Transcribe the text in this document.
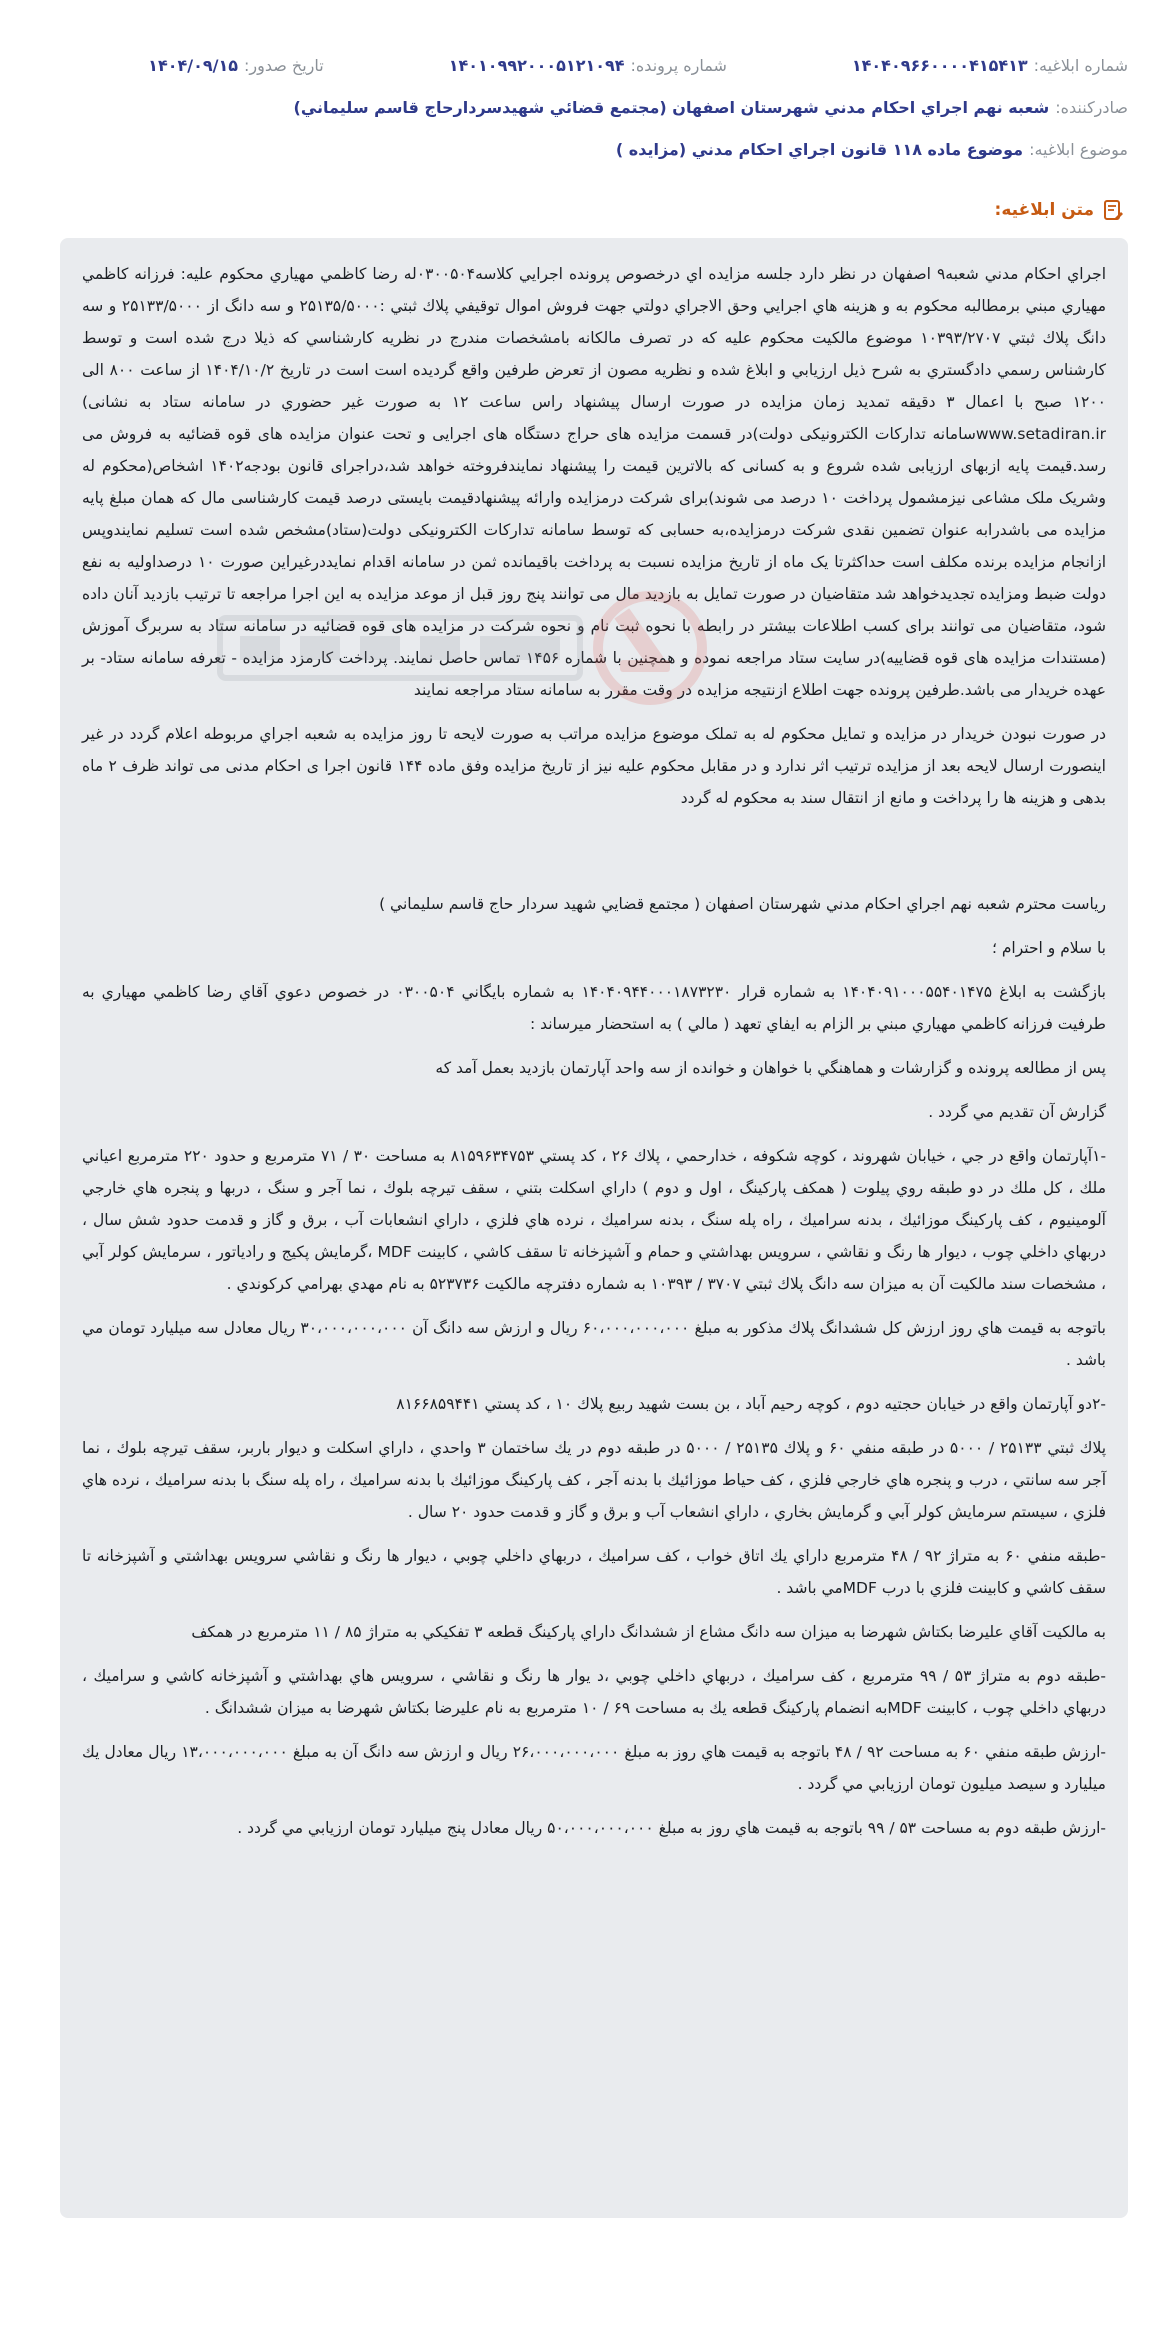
شماره ابلاغیه:
۱۴۰۴۰۹۶۶۰۰۰۰۴۱۵۴۱۳
شماره پرونده:
۱۴۰۱۰۹۹۲۰۰۰۵۱۲۱۰۹۴
تاریخ صدور:
۱۴۰۴/۰۹/۱۵
صادرکننده:
شعبه نهم اجراي احکام مدني شهرستان اصفهان (مجتمع قضائي شهیدسردارحاج قاسم سلیماني)
موضوع ابلاغیه:
موضوع ماده ۱۱۸ قانون اجراي احكام مدني (مزايده )
متن ابلاغیه:

اجراي احكام مدني شعبه۹ اصفهان در نظر دارد جلسه مزايده اي درخصوص پرونده اجرايي كلاسه۰۳۰۰۵۰۴له رضا كاظمي مهياري محكوم عليه: فرزانه كاظمي مهياري مبني برمطالبه محكوم به و هزينه هاي اجرايي وحق الاجراي دولتي جهت فروش اموال توقيفي پلاك ثبتي :۲۵۱۳۵/۵۰۰۰ و سه دانگ از ۲۵۱۳۳/۵۰۰۰ و سه دانگ پلاك ثبتي ۱۰۳۹۳/۲۷۰۷ موضوع مالكيت محكوم عليه كه در تصرف مالكانه بامشخصات مندرج در نظريه كارشناسي كه ذيلا درج شده است و توسط كارشناس رسمي دادگستري به شرح ذيل ارزيابي و ابلاغ شده و نظريه مصون از تعرض طرفين واقع گرديده است است در تاريخ ۱۴۰۴/۱۰/۲ از ساعت ۸۰۰ الی ۱۲۰۰ صبح با اعمال ۳ دقيقه تمديد زمان مزايده در صورت ارسال پيشنهاد راس ساعت ۱۲ به صورت غير حضوري در سامانه ستاد به نشانی) www.setadiran.irسامانه تداركات الكترونيكی دولت)در قسمت مزايده های حراج دستگاه های اجرايی و تحت عنوان مزايده های قوه قضائيه به فروش می رسد.قيمت پايه ازبهای ارزيابی شده شروع و به كسانی كه بالاترين قيمت را پيشنهاد نمايندفروخته خواهد شد،دراجرای قانون بودجه۱۴۰۲ اشخاص(محكوم له وشريک ملک مشاعی نيزمشمول پرداخت ۱۰ درصد می شوند)برای شركت درمزايده وارائه پيشنهادقيمت بايستی درصد قيمت كارشناسی مال كه همان مبلغ پايه مزايده می باشدرابه عنوان تضمين نقدی شركت درمزايده،به حسابی كه توسط سامانه تداركات الكترونيكی دولت(ستاد)مشخص شده است تسليم نمايندوپس ازانجام مزايده برنده مكلف است حداكثرتا يک ماه از تاريخ مزايده نسبت به پرداخت باقيمانده ثمن در سامانه اقدام نمايددرغيراين صورت ۱۰ درصداوليه به نفع دولت ضبط ومزايده تجديدخواهد شد متقاضيان در صورت تمايل به بازديد مال می توانند پنج روز قبل از موعد مزايده به اين اجرا مراجعه تا ترتيب بازديد آنان داده شود، متقاضيان می توانند برای كسب اطلاعات بيشتر در رابطه با نحوه ثبت نام و نحوه شركت در مزايده های قوه قضائيه در سامانه ستاد به سربرگ آموزش (مستندات مزايده های قوه قضاييه)در سايت ستاد مراجعه نموده و همچنين با شماره ۱۴۵۶ تماس حاصل نمايند. پرداخت كارمزد مزايده - تعرفه سامانه ستاد- بر عهده خريدار می باشد.طرفين پرونده جهت اطلاع ازنتيجه مزايده در وقت مقرر به سامانه ستاد مراجعه نمايند

در صورت نبودن خريدار در مزايده و تمايل محكوم له به تملک موضوع مزايده مراتب به صورت لايحه تا روز مزايده به شعبه اجراي مربوطه اعلام گردد در غير اينصورت ارسال لايحه بعد از مزايده ترتيب اثر ندارد و در مقابل محكوم عليه نيز از تاريخ مزايده وفق ماده ۱۴۴ قانون اجرا ی احكام مدنی می تواند ظرف ۲ ماه بدهی و هزينه ها را پرداخت و مانع از انتقال سند به محكوم له گردد

رياست محترم شعبه نهم اجراي احكام مدني شهرستان اصفهان ( مجتمع قضايي شهيد سردار حاج قاسم سليماني )

با سلام و احترام ؛

بازگشت به ابلاغ ۱۴۰۴۰۹۱۰۰۰۵۵۴۰۱۴۷۵ به شماره قرار ۱۴۰۴۰۹۴۴۰۰۰۱۸۷۳۲۳۰ به شماره بايگاني ۰۳۰۰۵۰۴ در خصوص دعوي آقاي رضا كاظمي مهياري به طرفيت فرزانه كاظمي مهياري مبني بر الزام به ايفاي تعهد ( مالي ) به استحضار ميرساند :

پس از مطالعه پرونده و گزارشات و هماهنگي با خواهان و خوانده از سه واحد آپارتمان بازديد بعمل آمد كه

گزارش آن تقديم مي گردد .

-۱آپارتمان واقع در جي ، خيابان شهروند ، كوچه شكوفه ، خدارحمي ، پلاك ۲۶ ، كد پستي ۸۱۵۹۶۳۴۷۵۳ به مساحت ۳۰ / ۷۱ مترمربع و حدود ۲۲۰ مترمربع اعياني ملك ، كل ملك در دو طبقه روي پيلوت ( همكف پاركينگ ، اول و دوم ) داراي اسكلت بتني ، سقف تيرچه بلوك ، نما آجر و سنگ ، دربها و پنجره هاي خارجي آلومينيوم ، كف پاركينگ موزائيك ، بدنه سراميك ، راه پله سنگ ، بدنه سراميك ، نرده هاي فلزي ، داراي انشعابات آب ، برق و گاز و قدمت حدود شش سال ، دربهاي داخلي چوب ، ديوار ها رنگ و نقاشي ، سرويس بهداشتي و حمام و آشپزخانه تا سقف كاشي ، كابينت MDF ،گرمايش پكيج و رادياتور ، سرمايش كولر آبي ، مشخصات سند مالكيت آن به ميزان سه دانگ پلاك ثبتي ۳۷۰۷ / ۱۰۳۹۳ به شماره دفترچه مالكيت ۵۲۳۷۳۶ به نام مهدي بهرامي كركوندي .

باتوجه به قيمت هاي روز ارزش كل ششدانگ پلاك مذكور به مبلغ ۶۰،۰۰۰،۰۰۰،۰۰۰ ريال و ارزش سه دانگ آن ۳۰،۰۰۰،۰۰۰،۰۰۰ ريال معادل سه ميليارد تومان مي باشد .

-۲دو آپارتمان واقع در خيابان حجتيه دوم ، كوچه رحيم آباد ، بن بست شهيد ربيع پلاك ۱۰ ، كد پستي ۸۱۶۶۸۵۹۴۴۱

پلاك ثبتي ۲۵۱۳۳ / ۵۰۰۰ در طبقه منفي ۶۰ و پلاك ۲۵۱۳۵ / ۵۰۰۰ در طبقه دوم در يك ساختمان ۳ واحدي ، داراي اسكلت و ديوار باربر، سقف تيرچه بلوك ، نما آجر سه سانتي ، درب و پنجره هاي خارجي فلزي ، كف حياط موزائيك با بدنه آجر ، كف پاركينگ موزائيك با بدنه سراميك ، راه پله سنگ با بدنه سراميك ، نرده هاي فلزي ، سيستم سرمايش كولر آبي و گرمايش بخاري ، داراي انشعاب آب و برق و گاز و قدمت حدود ۲۰ سال .

-طبقه منفي ۶۰ به متراژ ۹۲ / ۴۸ مترمربع داراي يك اتاق خواب ، كف سراميك ، دربهاي داخلي چوبي ، ديوار ها رنگ و نقاشي سرويس بهداشتي و آشپزخانه تا سقف كاشي و كابينت فلزي با درب MDFمي باشد .

به مالكيت آقاي عليرضا بكتاش شهرضا به ميزان سه دانگ مشاع از ششدانگ داراي پاركينگ قطعه ۳ تفكيكي به متراژ ۸۵ / ۱۱ مترمربع در همكف

-طبقه دوم به متراژ ۵۳ / ۹۹ مترمربع ، كف سراميك ، دربهاي داخلي چوبي ،د يوار ها رنگ و نقاشي ، سرويس هاي بهداشتي و آشپزخانه كاشي و سراميك ، دربهاي داخلي چوب ، كابينت MDFبه انضمام پاركينگ قطعه يك به مساحت ۶۹ / ۱۰ مترمربع به نام عليرضا بكتاش شهرضا به ميزان ششدانگ .

-ارزش طبقه منفي ۶۰ به مساحت ۹۲ / ۴۸ باتوجه به قيمت هاي روز به مبلغ ۲۶،۰۰۰،۰۰۰،۰۰۰ ريال و ارزش سه دانگ آن به مبلغ ۱۳،۰۰۰،۰۰۰،۰۰۰ ريال معادل يك ميليارد و سيصد ميليون تومان ارزيابي مي گردد .

-ارزش طبقه دوم به مساحت ۵۳ / ۹۹ باتوجه به قيمت هاي روز به مبلغ ۵۰،۰۰۰،۰۰۰،۰۰۰ ريال معادل پنج ميليارد تومان ارزيابي مي گردد .
